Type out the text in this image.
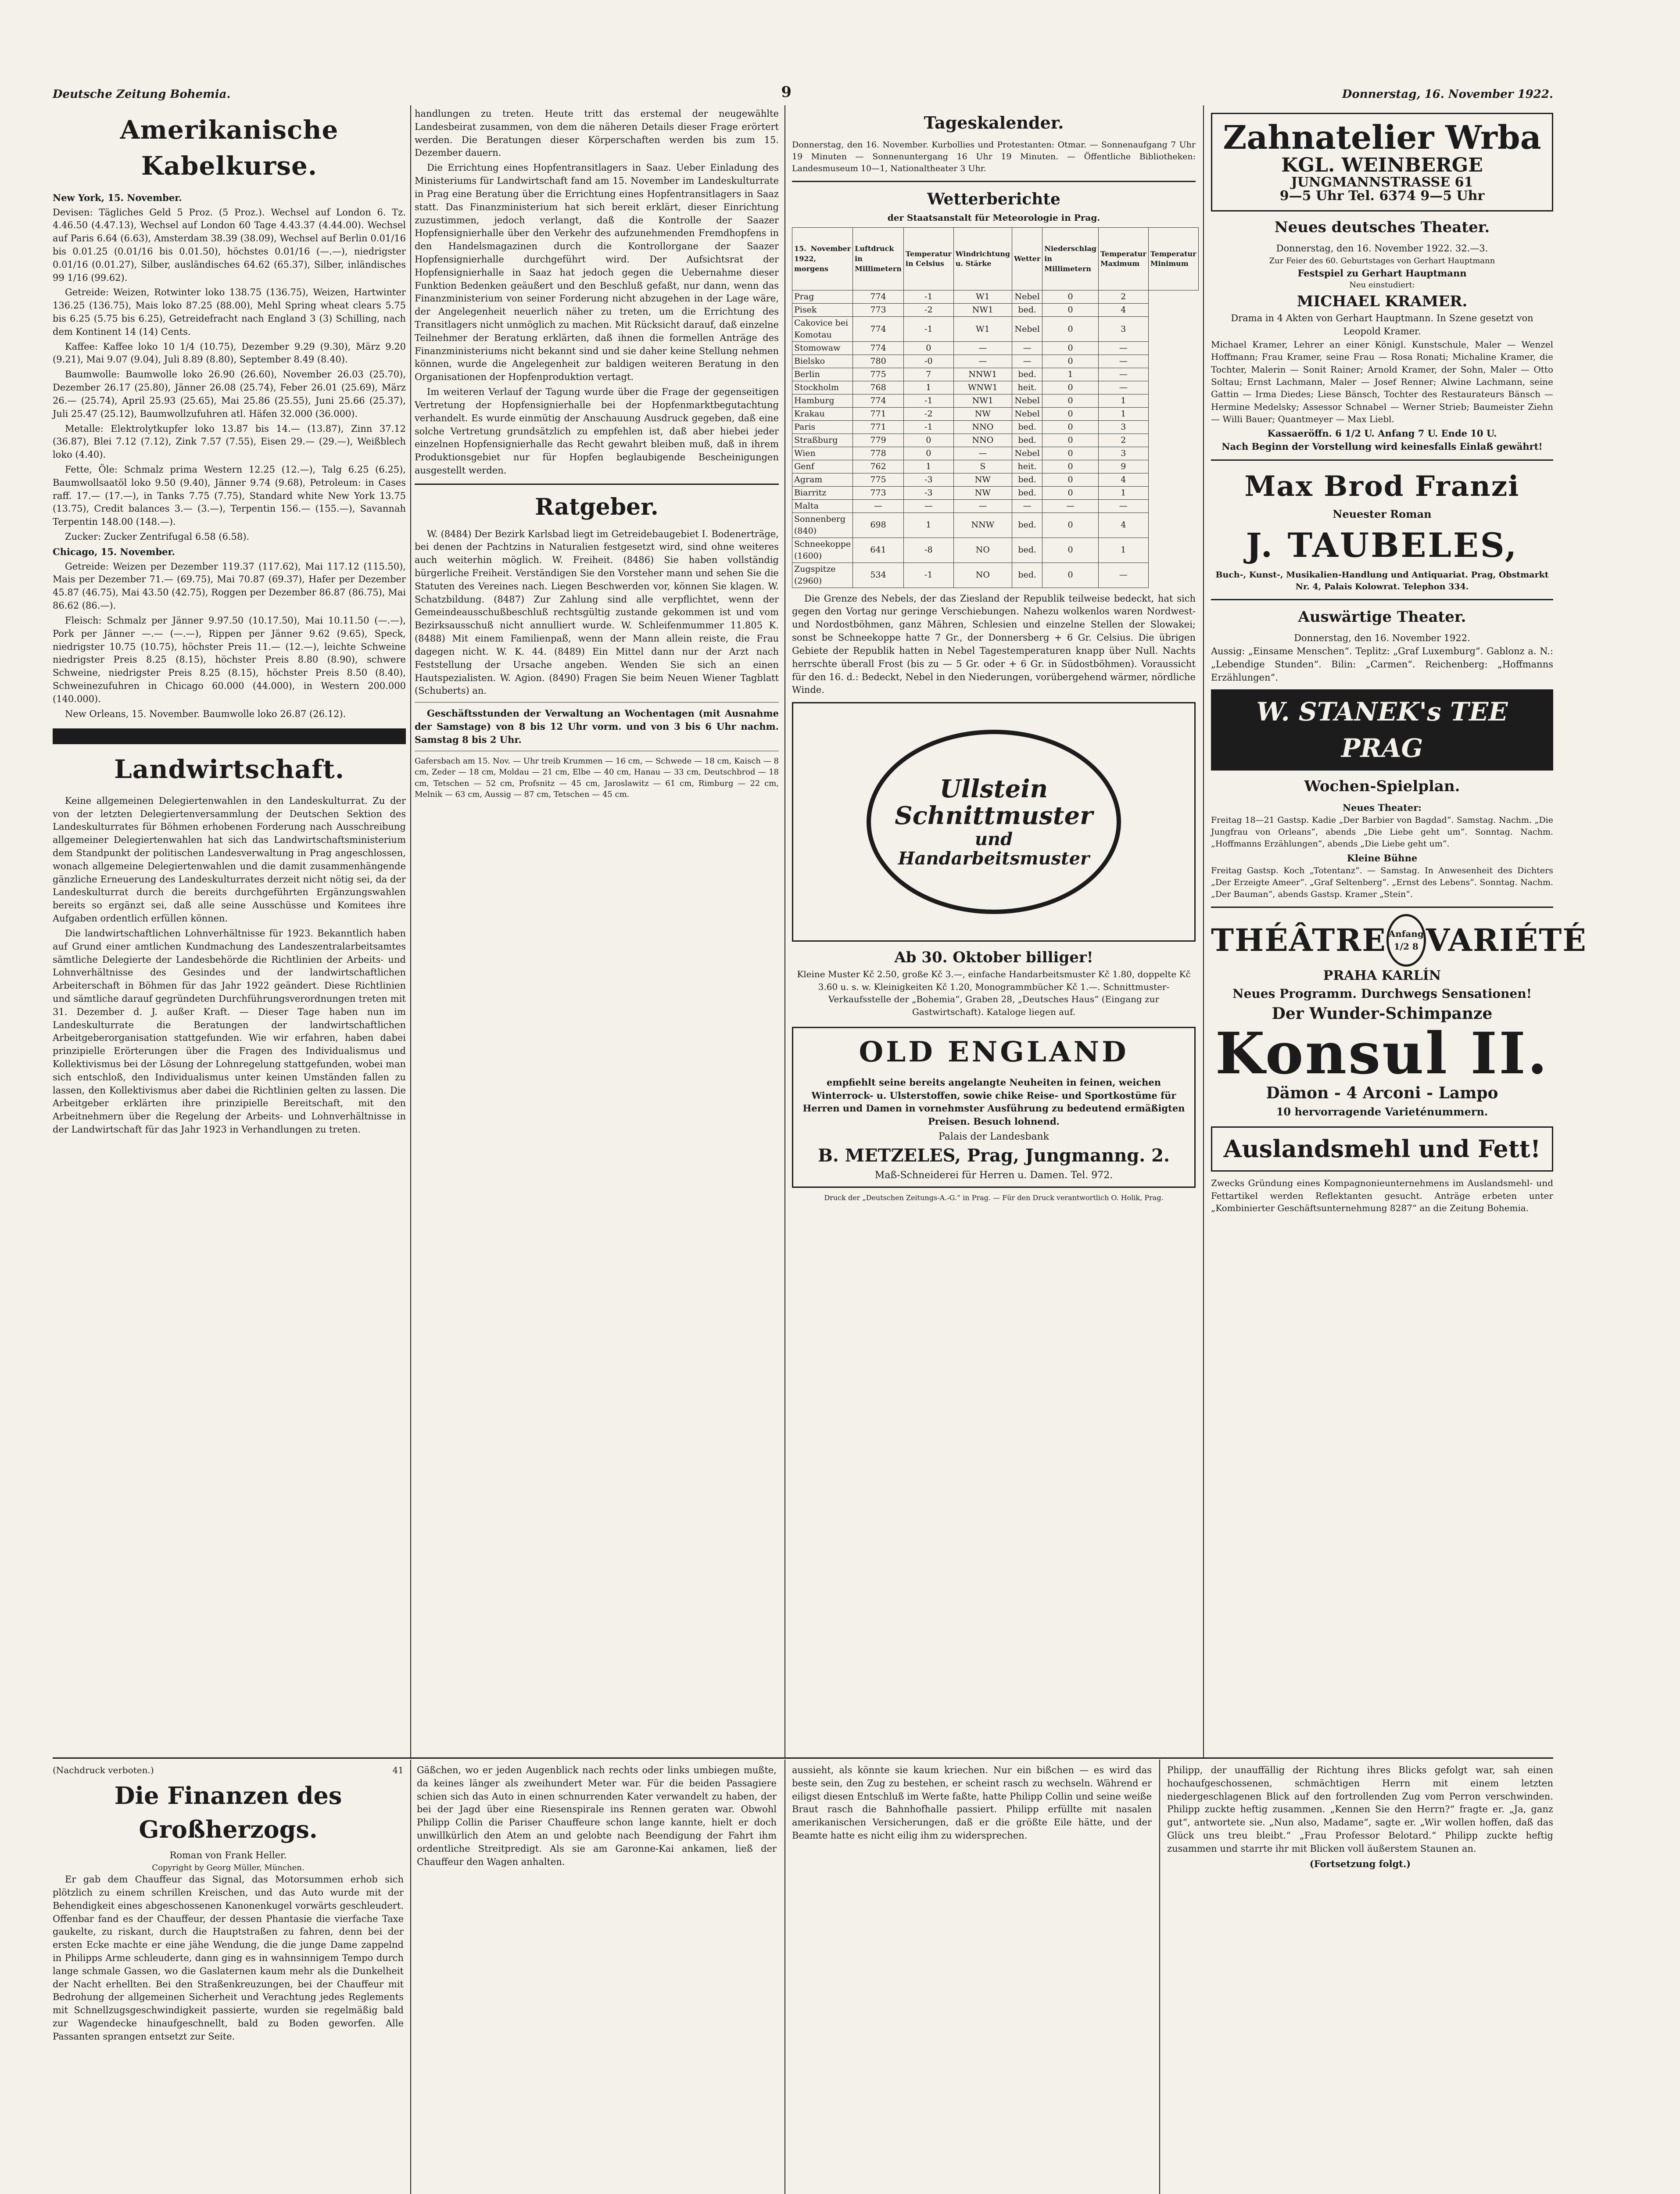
Deutsche Zeitung Bohemia.	9	Donnerstag, 16. November 1922.
Amerikanische Kabelkurse.
New York, 15. November.

Devisen: Tägliches Geld 5 Proz. (5 Proz.). Wechsel auf London 6. Tz. 4.46.50 (4.47.13), Wechsel auf London 60 Tage 4.43.37 (4.44.00). Wechsel auf Paris 6.64 (6.63), Amsterdam 38.39 (38.09), Wechsel auf Berlin 0.01/16 bis 0.01.25 (0.01/16 bis 0.01.50), höchstes 0.01/16 (—.—), niedrigster 0.01/16 (0.01.27), Silber, ausländisches 64.62 (65.37), Silber, inländisches 99 1/16 (99.62).

Getreide: Weizen, Rotwinter loko 138.75 (136.75), Weizen, Hartwinter 136.25 (136.75), Mais loko 87.25 (88.00), Mehl Spring wheat clears 5.75 bis 6.25 (5.75 bis 6.25), Getreidefracht nach England 3 (3) Schilling, nach dem Kontinent 14 (14) Cents.

Kaffee: Kaffee loko 10 1/4 (10.75), Dezember 9.29 (9.30), März 9.20 (9.21), Mai 9.07 (9.04), Juli 8.89 (8.80), September 8.49 (8.40).

Baumwolle: Baumwolle loko 26.90 (26.60), November 26.03 (25.70), Dezember 26.17 (25.80), Jänner 26.08 (25.74), Feber 26.01 (25.69), März 26.— (25.74), April 25.93 (25.65), Mai 25.86 (25.55), Juni 25.66 (25.37), Juli 25.47 (25.12), Baumwollzufuhren atl. Häfen 32.000 (36.000).

Metalle: Elektrolytkupfer loko 13.87 bis 14.— (13.87), Zinn 37.12 (36.87), Blei 7.12 (7.12), Zink 7.57 (7.55), Eisen 29.— (29.—), Weißblech loko (4.40).

Fette, Öle: Schmalz prima Western 12.25 (12.—), Talg 6.25 (6.25), Baumwollsaatöl loko 9.50 (9.40), Jänner 9.74 (9.68), Petroleum: in Cases raff. 17.— (17.—), in Tanks 7.75 (7.75), Standard white New York 13.75 (13.75), Credit balances 3.— (3.—), Terpentin 156.— (155.—), Savannah Terpentin 148.00 (148.—).

Zucker: Zucker Zentrifugal 6.58 (6.58).

Chicago, 15. November.

Getreide: Weizen per Dezember 119.37 (117.62), Mai 117.12 (115.50), Mais per Dezember 71.— (69.75), Mai 70.87 (69.37), Hafer per Dezember 45.87 (46.75), Mai 43.50 (42.75), Roggen per Dezember 86.87 (86.75), Mai 86.62 (86.—).

Fleisch: Schmalz per Jänner 9.97.50 (10.17.50), Mai 10.11.50 (—.—), Pork per Jänner —.— (—.—), Rippen per Jänner 9.62 (9.65), Speck, niedrigster 10.75 (10.75), höchster Preis 11.— (12.—), leichte Schweine niedrigster Preis 8.25 (8.15), höchster Preis 8.80 (8.90), schwere Schweine, niedrigster Preis 8.25 (8.15), höchster Preis 8.50 (8.40), Schweinezufuhren in Chicago 60.000 (44.000), in Western 200.000 (140.000).

New Orleans, 15. November. Baumwolle loko 26.87 (26.12).

Landwirtschaft.

Keine allgemeinen Delegiertenwahlen in den Landeskulturrat. Zu der von der letzten Delegiertenversammlung der Deutschen Sektion des Landeskulturrates für Böhmen erhobenen Forderung nach Ausschreibung allgemeiner Delegiertenwahlen hat sich das Landwirtschaftsministerium dem Standpunkt der politischen Landesverwaltung in Prag angeschlossen, wonach allgemeine Delegiertenwahlen und die damit zusammenhängende gänzliche Erneuerung des Landeskulturrates derzeit nicht nötig sei, da der Landeskulturrat durch die bereits durchgeführten Ergänzungswahlen bereits so ergänzt sei, daß alle seine Ausschüsse und Komitees ihre Aufgaben ordentlich erfüllen können.

Die landwirtschaftlichen Lohnverhältnisse für 1923. Bekanntlich haben auf Grund einer amtlichen Kundmachung des Landeszentralarbeitsamtes sämtliche Delegierte der Landesbehörde die Richtlinien der Arbeits- und Lohnverhältnisse des Gesindes und der landwirtschaftlichen Arbeiterschaft in Böhmen für das Jahr 1922 geändert. Diese Richtlinien und sämtliche darauf gegründeten Durchführungsverordnungen treten mit 31. Dezember d. J. außer Kraft. — Dieser Tage haben nun im Landeskulturrate die Beratungen der landwirtschaftlichen Arbeitgeberorganisation stattgefunden. Wie wir erfahren, haben dabei prinzipielle Erörterungen über die Fragen des Individualismus und Kollektivismus bei der Lösung der Lohnregelung stattgefunden, wobei man sich entschloß, den Individualismus unter keinen Umständen fallen zu lassen, den Kollektivismus aber dabei die Richtlinien gelten zu lassen. Die Arbeitgeber erklärten ihre prinzipielle Bereitschaft, mit den Arbeitnehmern über die Regelung der Arbeits- und Lohnverhältnisse in der Landwirtschaft für das Jahr 1923 in Verhandlungen zu treten.

handlungen zu treten. Heute tritt das erstemal der neugewählte Landesbeirat zusammen, von dem die näheren Details dieser Frage erörtert werden. Die Beratungen dieser Körperschaften werden bis zum 15. Dezember dauern.

Die Errichtung eines Hopfentransitlagers in Saaz. Ueber Einladung des Ministeriums für Landwirtschaft fand am 15. November im Landeskulturrate in Prag eine Beratung über die Errichtung eines Hopfentransitlagers in Saaz statt. Das Finanzministerium hat sich bereit erklärt, dieser Einrichtung zuzustimmen, jedoch verlangt, daß die Kontrolle der Saazer Hopfensignierhalle über den Verkehr des aufzunehmenden Fremdhopfens in den Handelsmagazinen durch die Kontrollorgane der Saazer Hopfensignierhalle durchgeführt wird. Der Aufsichtsrat der Hopfensignierhalle in Saaz hat jedoch gegen die Uebernahme dieser Funktion Bedenken geäußert und den Beschluß gefaßt, nur dann, wenn das Finanzministerium von seiner Forderung nicht abzugehen in der Lage wäre, der Angelegenheit neuerlich näher zu treten, um die Errichtung des Transitlagers nicht unmöglich zu machen. Mit Rücksicht darauf, daß einzelne Teilnehmer der Beratung erklärten, daß ihnen die formellen Anträge des Finanzministeriums nicht bekannt sind und sie daher keine Stellung nehmen können, wurde die Angelegenheit zur baldigen weiteren Beratung in den Organisationen der Hopfenproduktion vertagt.

Im weiteren Verlauf der Tagung wurde über die Frage der gegenseitigen Vertretung der Hopfensignierhalle bei der Hopfenmarktbegutachtung verhandelt. Es wurde einmütig der Anschauung Ausdruck gegeben, daß eine solche Vertretung grundsätzlich zu empfehlen ist, daß aber hiebei jeder einzelnen Hopfensignierhalle das Recht gewahrt bleiben muß, daß in ihrem Produktionsgebiet nur für Hopfen beglaubigende Bescheinigungen ausgestellt werden.

Ratgeber.

W. (8484) Der Bezirk Karlsbad liegt im Getreidebaugebiet I. Bodenerträge, bei denen der Pachtzins in Naturalien festgesetzt wird, sind ohne weiteres auch weiterhin möglich. W. Freiheit. (8486) Sie haben vollständig bürgerliche Freiheit. Verständigen Sie den Vorsteher mann und sehen Sie die Statuten des Vereines nach. Liegen Beschwerden vor, können Sie klagen. W. Schatzbildung. (8487) Zur Zahlung sind alle verpflichtet, wenn der Gemeindeausschußbeschluß rechtsgültig zustande gekommen ist und vom Bezirksausschuß nicht annulliert wurde. W. Schleifenmummer 11.805 K. (8488) Mit einem Familienpaß, wenn der Mann allein reiste, die Frau dagegen nicht. W. K. 44. (8489) Ein Mittel dann nur der Arzt nach Feststellung der Ursache angeben. Wenden Sie sich an einen Hautspezialisten. W. Agion. (8490) Fragen Sie beim Neuen Wiener Tagblatt (Schuberts) an.

Geschäftsstunden der Verwaltung an Wochentagen (mit Ausnahme der Samstage) von 8 bis 12 Uhr vorm. und von 3 bis 6 Uhr nachm. Samstag 8 bis 2 Uhr.

Gafersbach am 15. Nov. — Uhr treib Krummen — 16 cm, — Schwede — 18 cm, Kaisch — 8 cm, Zeder — 18 cm, Moldau — 21 cm, Elbe — 40 cm, Hanau — 33 cm, Deutschbrod — 18 cm, Tetschen — 52 cm, Profsnitz — 45 cm, Jaroslawitz — 61 cm, Rimburg — 22 cm, Melnik — 63 cm, Aussig — 87 cm, Tetschen — 45 cm.

Tageskalender.

Donnerstag, den 16. November. Kurbollies und Protestanten: Otmar. — Sonnenaufgang 7 Uhr 19 Minuten — Sonnenuntergang 16 Uhr 19 Minuten. — Öffentliche Bibliotheken: Landesmuseum 10—1, Nationaltheater 3 Uhr.

Wetterberichte
der Staatsanstalt für Meteorologie in Prag.
15. November 1922, morgens	Luftdruck in Millimetern	Temperatur in Celsius	Windrichtung u. Stärke	Wetter	Niederschlag in Millimetern	Temperatur Maximum	Temperatur Minimum
Prag	774	-1	W1	Nebel	0	2	
Pisek	773	-2	NW1	bed.	0	4	
Cakovice bei Komotau	774	-1	W1	Nebel	0	3	
Stomowaw	774	0	—	—	0	—	
Bielsko	780	-0	—	—	0	—	
Berlin	775	7	NNW1	bed.	1	—	
Stockholm	768	1	WNW1	heit.	0	—	
Hamburg	774	-1	NW1	Nebel	0	1	
Krakau	771	-2	NW	Nebel	0	1	
Paris	771	-1	NNO	bed.	0	3	
Straßburg	779	0	NNO	bed.	0	2	
Wien	778	0	—	Nebel	0	3	
Genf	762	1	S	heit.	0	9	
Agram	775	-3	NW	bed.	0	4	
Biarritz	773	-3	NW	bed.	0	1	
Malta	—	—	—	—	—	—	
Sonnenberg (840)	698	1	NNW	bed.	0	4	
Schneekoppe (1600)	641	-8	NO	bed.	0	1	
Zugspitze (2960)	534	-1	NO	bed.	0	—	

Die Grenze des Nebels, der das Ziesland der Republik teilweise bedeckt, hat sich gegen den Vortag nur geringe Verschiebungen. Nahezu wolkenlos waren Nordwest- und Nordostböhmen, ganz Mähren, Schlesien und einzelne Stellen der Slowakei; sonst be Schneekoppe hatte 7 Gr., der Donnersberg + 6 Gr. Celsius. Die übrigen Gebiete der Republik hatten in Nebel Tagestemperaturen knapp über Null. Nachts herrschte überall Frost (bis zu — 5 Gr. oder + 6 Gr. in Südostböhmen). Voraussicht für den 16. d.: Bedeckt, Nebel in den Niederungen, vorübergehend wärmer, nördliche Winde.

Ullstein
Schnittmuster
und
Handarbeitsmuster
Ab 30. Oktober billiger!

Kleine Muster Kč 2.50, große Kč 3.—, einfache Handarbeitsmuster Kč 1.80, doppelte Kč 3.60 u. s. w. Kleinigkeiten Kč 1.20, Monogrammbücher Kč 1.—. Schnittmuster-Verkaufsstelle der „Bohemia“, Graben 28, „Deutsches Haus“ (Eingang zur Gastwirtschaft). Kataloge liegen auf.

OLD ENGLAND

empfiehlt seine bereits angelangte Neuheiten in feinen, weichen Winterrock- u. Ulsterstoffen, sowie chike Reise- und Sportkostüme für Herren und Damen in vornehmster Ausführung zu bedeutend ermäßigten Preisen. Besuch lohnend.

Palais der Landesbank
B. METZELES, Prag, Jungmanng. 2.
Maß-Schneiderei für Herren u. Damen. Tel. 972.

Druck der „Deutschen Zeitungs-A.-G.“ in Prag. — Für den Druck verantwortlich O. Holik, Prag.

Zahnatelier Wrba
KGL. WEINBERGE
JUNGMANNSTRASSE 61
9—5 Uhr Tel. 6374 9—5 Uhr
Neues deutsches Theater.
Donnerstag, den 16. November 1922. 32.—3.
Zur Feier des 60. Geburtstages von Gerhart Hauptmann
Festspiel zu Gerhart Hauptmann
Neu einstudiert:
MICHAEL KRAMER.
Drama in 4 Akten von Gerhart Hauptmann. In Szene gesetzt von Leopold Kramer.

Michael Kramer, Lehrer an einer Königl. Kunstschule, Maler — Wenzel Hoffmann; Frau Kramer, seine Frau — Rosa Ronati; Michaline Kramer, die Tochter, Malerin — Sonit Rainer; Arnold Kramer, der Sohn, Maler — Otto Soltau; Ernst Lachmann, Maler — Josef Renner; Alwine Lachmann, seine Gattin — Irma Diedes; Liese Bänsch, Tochter des Restaurateurs Bänsch — Hermine Medelsky; Assessor Schnabel — Werner Strieb; Baumeister Ziehn — Willi Bauer; Quantmeyer — Max Liebl.

Kassaeröffn. 6 1/2 U. Anfang 7 U. Ende 10 U.
Nach Beginn der Vorstellung wird keinesfalls Einlaß gewährt!
Max Brod Franzi
Neuester Roman
J. TAUBELES,
Buch-, Kunst-, Musikalien-Handlung und Antiquariat. Prag, Obstmarkt Nr. 4, Palais Kolowrat. Telephon 334.
Auswärtige Theater.
Donnerstag, den 16. November 1922.

Aussig: „Einsame Menschen“. Teplitz: „Graf Luxemburg“. Gablonz a. N.: „Lebendige Stunden“. Bilin: „Carmen“. Reichenberg: „Hoffmanns Erzählungen“.

W. STANEK's TEE PRAG
Wochen-Spielplan.
Neues Theater:

Freitag 18—21 Gastsp. Kadie „Der Barbier von Bagdad“. Samstag. Nachm. „Die Jungfrau von Orleans“, abends „Die Liebe geht um“. Sonntag. Nachm. „Hoffmanns Erzählungen“, abends „Die Liebe geht um“.

Kleine Bühne

Freitag Gastsp. Koch „Totentanz“. — Samstag. In Anwesenheit des Dichters „Der Erzeigte Ameer“. „Graf Seltenberg“. „Ernst des Lebens“. Sonntag. Nachm. „Der Bauman“, abends Gastsp. Kramer „Stein“.

THÉÂTRE Anfang 1/2 8 VARIÉTÉ
PRAHA KARLÍN
Neues Programm. Durchwegs Sensationen!
Der Wunder-Schimpanze
Konsul II.
Dämon - 4 Arconi - Lampo
10 hervorragende Varieténummern.
Auslandsmehl und Fett!

Zwecks Gründung eines Kompagnonieunternehmens im Auslandsmehl- und Fettartikel werden Reflektanten gesucht. Anträge erbeten unter „Kombinierter Geschäftsunternehmung 8287“ an die Zeitung Bohemia.

(Nachdruck verboten.)	41
Die Finanzen des Großherzogs.
Roman von Frank Heller.
Copyright by Georg Müller, München.

Er gab dem Chauffeur das Signal, das Motorsummen erhob sich plötzlich zu einem schrillen Kreischen, und das Auto wurde mit der Behendigkeit eines abgeschossenen Kanonenkugel vorwärts geschleudert. Offenbar fand es der Chauffeur, der dessen Phantasie die vierfache Taxe gaukelte, zu riskant, durch die Hauptstraßen zu fahren, denn bei der ersten Ecke machte er eine jähe Wendung, die die junge Dame zappelnd in Philipps Arme schleuderte, dann ging es in wahnsinnigem Tempo durch lange schmale Gassen, wo die Gaslaternen kaum mehr als die Dunkelheit der Nacht erhellten. Bei den Straßenkreuzungen, bei der Chauffeur mit Bedrohung der allgemeinen Sicherheit und Verachtung jedes Reglements mit Schnellzugsgeschwindigkeit passierte, wurden sie regelmäßig bald zur Wagendecke hinaufgeschnellt, bald zu Boden geworfen. Alle Passanten sprangen entsetzt zur Seite.

Gäßchen, wo er jeden Augenblick nach rechts oder links umbiegen mußte, da keines länger als zweihundert Meter war. Für die beiden Passagiere schien sich das Auto in einen schnurrenden Kater verwandelt zu haben, der bei der Jagd über eine Riesenspirale ins Rennen geraten war. Obwohl Philipp Collin die Pariser Chauffeure schon lange kannte, hielt er doch unwillkürlich den Atem an und gelobte nach Beendigung der Fahrt ihm ordentliche Streitpredigt. Als sie am Garonne-Kai ankamen, ließ der Chauffeur den Wagen anhalten.

aussieht, als könnte sie kaum kriechen. Nur ein bißchen — es wird das beste sein, den Zug zu bestehen, er scheint rasch zu wechseln. Während er eiligst diesen Entschluß im Werte faßte, hatte Philipp Collin und seine weiße Braut rasch die Bahnhofhalle passiert. Philipp erfüllte mit nasalen amerikanischen Versicherungen, daß er die größte Eile hätte, und der Beamte hatte es nicht eilig ihm zu widersprechen.

Philipp, der unauffällig der Richtung ihres Blicks gefolgt war, sah einen hochaufgeschossenen, schmächtigen Herrn mit einem letzten niedergeschlagenen Blick auf den fortrollenden Zug vom Perron verschwinden. Philipp zuckte heftig zusammen. „Kennen Sie den Herrn?“ fragte er. „Ja, ganz gut“, antwortete sie. „Nun also, Madame“, sagte er. „Wir wollen hoffen, daß das Glück uns treu bleibt.“ „Frau Professor Belotard.“ Philipp zuckte heftig zusammen und starrte ihr mit Blicken voll äußerstem Staunen an.

(Fortsetzung folgt.)
